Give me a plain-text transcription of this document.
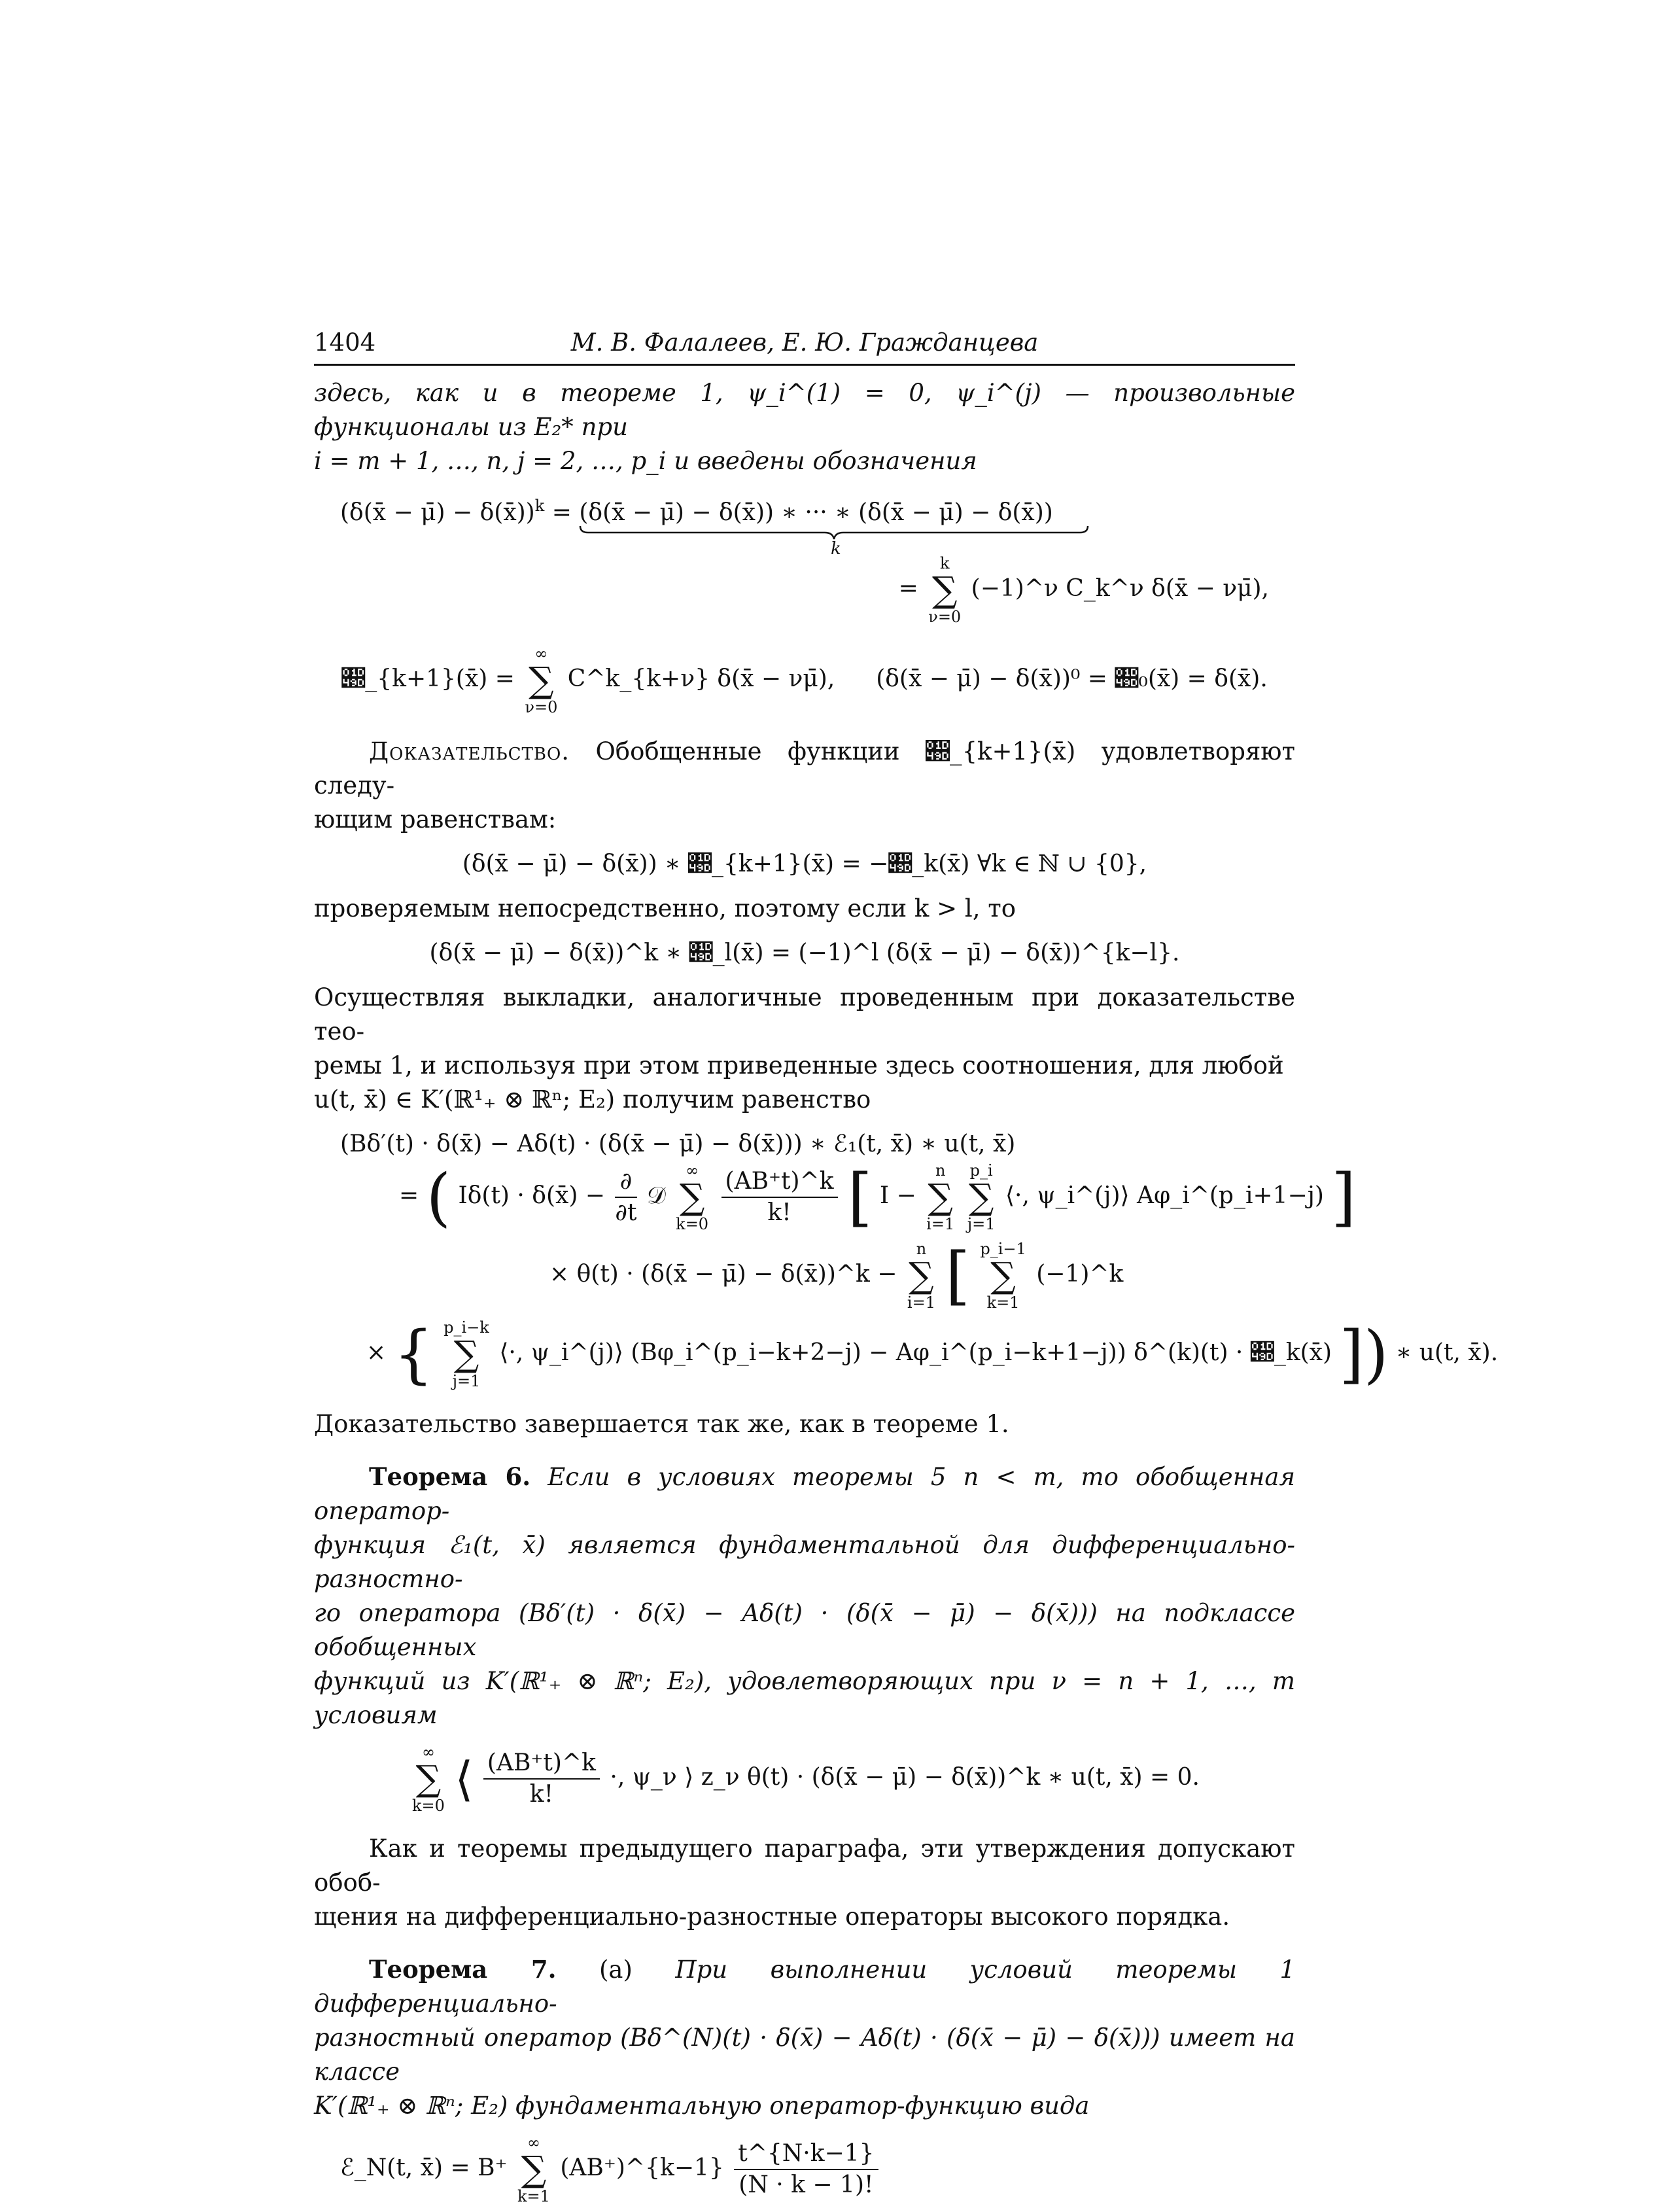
1404	М. В. Фалалеев, Е. Ю. Гражданцева

здесь, как и в теореме 1, ψ_i^(1) = 0, ψ_i^(j) — произвольные функционалы из E₂* при

i = m + 1, …, n, j = 2, …, p_i и введены обозначения

(δ(x̄ − μ̄) − δ(x̄))$^k$ = (δ(x̄ − μ̄) − δ(x̄)) ∗ ··· ∗ (δ(x̄ − μ̄) − δ(x̄))
k
= k
∑
ν=0 (−1)^ν C_k^ν δ(x̄ − νμ̄),
𝒝_{k+1}(x̄) = ∞
∑
ν=0 C^k_{k+ν} δ(x̄ − νμ̄), (δ(x̄ − μ̄) − δ(x̄))⁰ = 𝒝₀(x̄) = δ(x̄).

Доказательство. Обобщенные функции 𝒝_{k+1}(x̄) удовлетворяют следу-

ющим равенствам:

(δ(x̄ − μ̄) − δ(x̄)) ∗ 𝒝_{k+1}(x̄) = −𝒝_k(x̄) ∀k ∈ ℕ ∪ {0},

проверяемым непосредственно, поэтому если k > l, то

(δ(x̄ − μ̄) − δ(x̄))^k ∗ 𝒝_l(x̄) = (−1)^l (δ(x̄ − μ̄) − δ(x̄))^{k−l}.

Осуществляя выкладки, аналогичные проведенным при доказательстве тео-

ремы 1, и используя при этом приведенные здесь соотношения, для любой

u(t, x̄) ∈ K′(ℝ¹₊ ⊗ ℝⁿ; E₂) получим равенство

(Bδ′(t) · δ(x̄) − Aδ(t) · (δ(x̄ − μ̄) − δ(x̄))) ∗ ℰ₁(t, x̄) ∗ u(t, x̄)
= ( Iδ(t) · δ(x̄) − $\frac{\partial}{\partial t}$ 𝒟 ∞
∑
$k=0 \frac{(AB^+t)\^{}k}{k!}$ [ I − n
∑
i=1 p_i
∑
j=1 ⟨·, ψ_i^(j)⟩ Aφ_i^(p_i+1−j) ]
× θ(t) · (δ(x̄ − μ̄) − δ(x̄))^k − n
∑
i=1 [ p_i−1
∑
k=1 (−1)^k
× { p_i−k
∑
j=1 ⟨·, ψ_i^(j)⟩ (Bφ_i^(p_i−k+2−j) − Aφ_i^(p_i−k+1−j)) δ^(k)(t) · 𝒝_k(x̄) ]) ∗ u(t, x̄).

Доказательство завершается так же, как в теореме 1.

Теорема 6. Если в условиях теоремы 5 n < m, то обобщенная оператор-

функция ℰ₁(t, x̄) является фундаментальной для дифференциально-разностно-

го оператора (Bδ′(t) · δ(x̄) − Aδ(t) · (δ(x̄ − μ̄) − δ(x̄))) на подклассе обобщенных

функций из K′(ℝ¹₊ ⊗ ℝⁿ; E₂), удовлетворяющих при ν = n + 1, …, m условиям

∞
∑
k=0 ⟨ $\frac{(AB^+t)\^{}k}{k!}$ ·, ψ_ν ⟩ z_ν θ(t) · (δ(x̄ − μ̄) − δ(x̄))^k ∗ u(t, x̄) = 0.

Как и теоремы предыдущего параграфа, эти утверждения допускают обоб-

щения на дифференциально-разностные операторы высокого порядка.

Теорема 7. (a) При выполнении условий теоремы 1 дифференциально-

разностный оператор (Bδ^(N)(t) · δ(x̄) − Aδ(t) · (δ(x̄ − μ̄) − δ(x̄))) имеет на классе

K′(ℝ¹₊ ⊗ ℝⁿ; E₂) фундаментальную оператор-функцию вида

ℰ_N(t, x̄) = B⁺ ∞
∑
k=1 (AB⁺)^{k−1} $\frac{t\^{}\{N\cdot k-1\}}{(N \cdot k - 1)!}$
